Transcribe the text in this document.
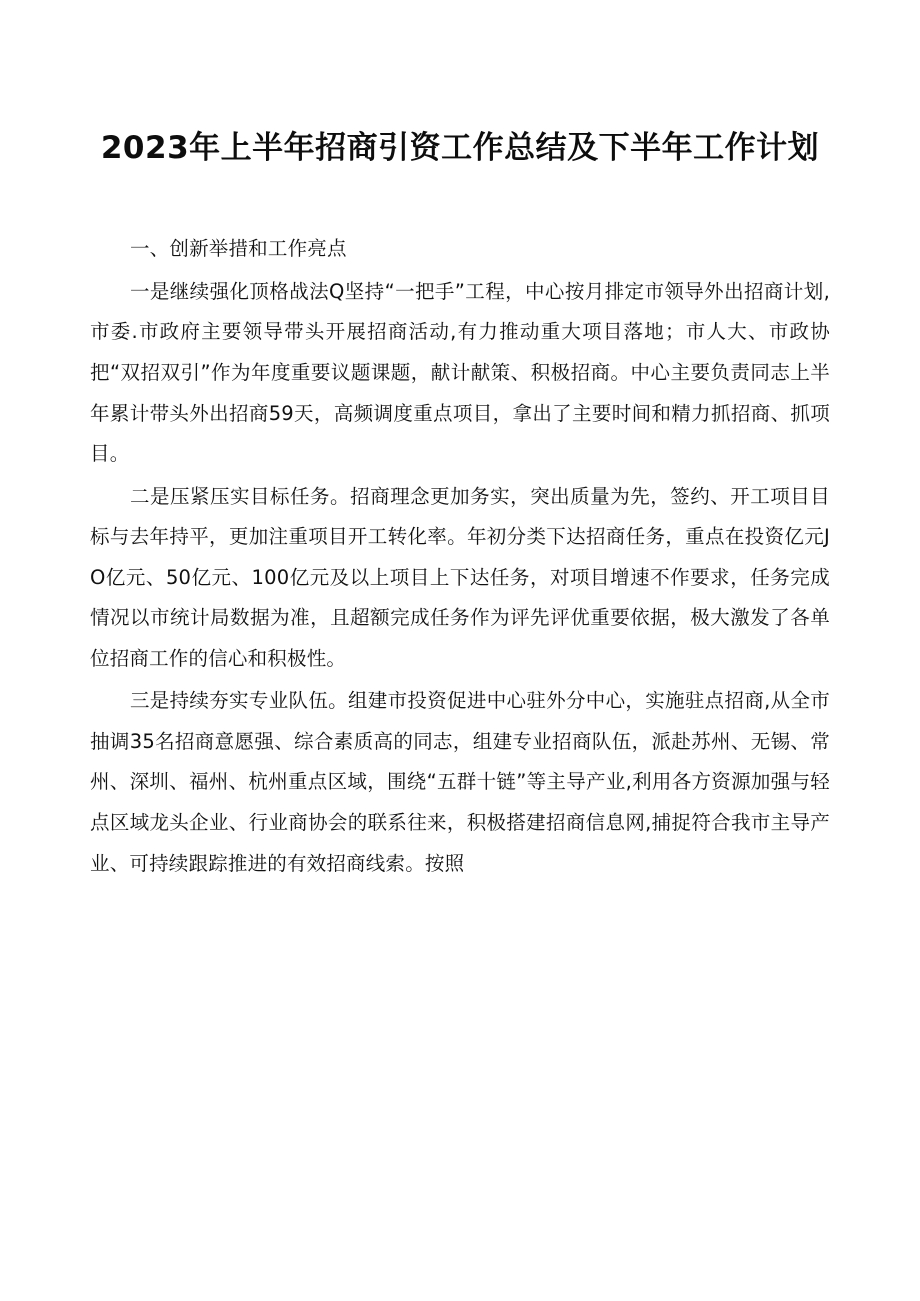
2023年上半年招商引资工作总结及下半年工作计划

一、创新举措和工作亮点

一是继续强化顶格战法Q坚持“一把手”工程，中心按月排定市领导外出招商计划,市委.市政府主要领导带头开展招商活动,有力推动重大项目落地；市人大、市政协把“双招双引”作为年度重要议题课题，献计献策、积极招商。中心主要负责同志上半年累计带头外出招商59天，高频调度重点项目，拿出了主要时间和精力抓招商、抓项目。

二是压紧压实目标任务。招商理念更加务实，突出质量为先，签约、开工项目目标与去年持平，更加注重项目开工转化率。年初分类下达招商任务，重点在投资亿元JO亿元、50亿元、100亿元及以上项目上下达任务，对项目增速不作要求，任务完成情况以市统计局数据为准，且超额完成任务作为评先评优重要依据，极大激发了各单位招商工作的信心和积极性。

三是持续夯实专业队伍。组建市投资促进中心驻外分中心，实施驻点招商,从全市抽调35名招商意愿强、综合素质高的同志，组建专业招商队伍，派赴苏州、无锡、常州、深圳、福州、杭州重点区域，围绕“五群十链”等主导产业,利用各方资源加强与轻点区域龙头企业、行业商协会的联系往来，积极搭建招商信息网,捕捉符合我市主导产业、可持续跟踪推进的有效招商线索。按照
